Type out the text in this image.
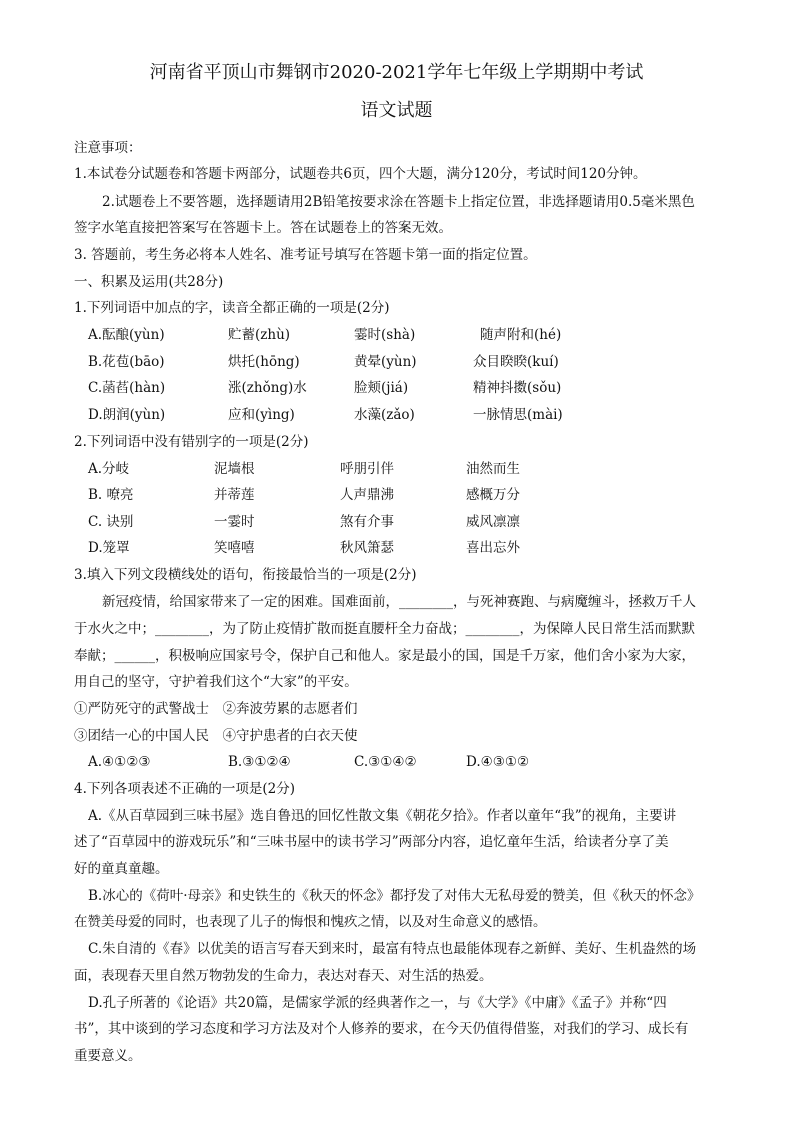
河南省平顶山市舞钢市2020-2021学年七年级上学期期中考试
语文试题
注意事项：
1.本试卷分试题卷和答题卡两部分，试题卷共6页，四个大题，满分120分，考试时间120分钟。
2.试题卷上不要答题，选择题请用2B铅笔按要求涂在答题卡上指定位置，非选择题请用0.5毫米黑色
签字水笔直接把答案写在答题卡上。答在试题卷上的答案无效。
3. 答题前，考生务必将本人姓名、准考证号填写在答题卡第一面的指定位置。
一、积累及运用(共28分)
1.下列词语中加点的字，读音全都正确的一项是(2分)
A.酝酿(yùn)	贮蓄(zhù)	霎时(shà)	随声附和(hé)
B.花苞(bāo)	烘托(hōng)	黄晕(yùn)	众目睽睽(kuí)
C.菡萏(hàn)	涨(zhǒng)水	脸颊(jiá)	精神抖擞(sǒu)
D.朗润(yùn)	应和(yìng)	水藻(zǎo)	一脉情思(mài)
2.下列词语中没有错别字的一项是(2分)
A.分岐	泥墙根	呼朋引伴	油然而生
B. 嘹亮	并蒂莲	人声鼎沸	感概万分
C. 诀别	一霎时	煞有介事	威风凛凛
D.笼罩	笑嘻嘻	秋风箫瑟	喜出忘外
3.填入下列文段横线处的语句，衔接最恰当的一项是(2分)
新冠疫情，给国家带来了一定的困难。国难面前，________，与死神赛跑、与病魔缠斗，拯救万千人
于水火之中；________，为了防止疫情扩散而挺直腰杆全力奋战；________，为保障人民日常生活而默默
奉献；______，积极响应国家号令，保护自己和他人。家是最小的国，国是千万家，他们舍小家为大家，
用自己的坚守，守护着我们这个“大家”的平安。
①严防死守的武警战士　②奔波劳累的志愿者们
③团结一心的中国人民　④守护患者的白衣天使
A.④①②③	B.③①②④	C.③①④②	D.④③①②
4.下列各项表述不正确的一项是(2分)
A.《从百草园到三味书屋》选自鲁迅的回忆性散文集《朝花夕拾》。作者以童年“我”的视角，主要讲
述了“百草园中的游戏玩乐”和“三味书屋中的读书学习”两部分内容，追忆童年生活，给读者分享了美
好的童真童趣。
B.冰心的《荷叶·母亲》和史铁生的《秋天的怀念》都抒发了对伟大无私母爱的赞美，但《秋天的怀念》
在赞美母爱的同时，也表现了儿子的悔恨和愧疚之情，以及对生命意义的感悟。
C.朱自清的《春》以优美的语言写春天到来时，最富有特点也最能体现春之新鲜、美好、生机盎然的场
面，表现春天里自然万物勃发的生命力，表达对春天、对生活的热爱。
D.孔子所著的《论语》共20篇，是儒家学派的经典著作之一，与《大学》《中庸》《孟子》并称“四
书”，其中谈到的学习态度和学习方法及对个人修养的要求，在今天仍值得借鉴，对我们的学习、成长有
重要意义。
